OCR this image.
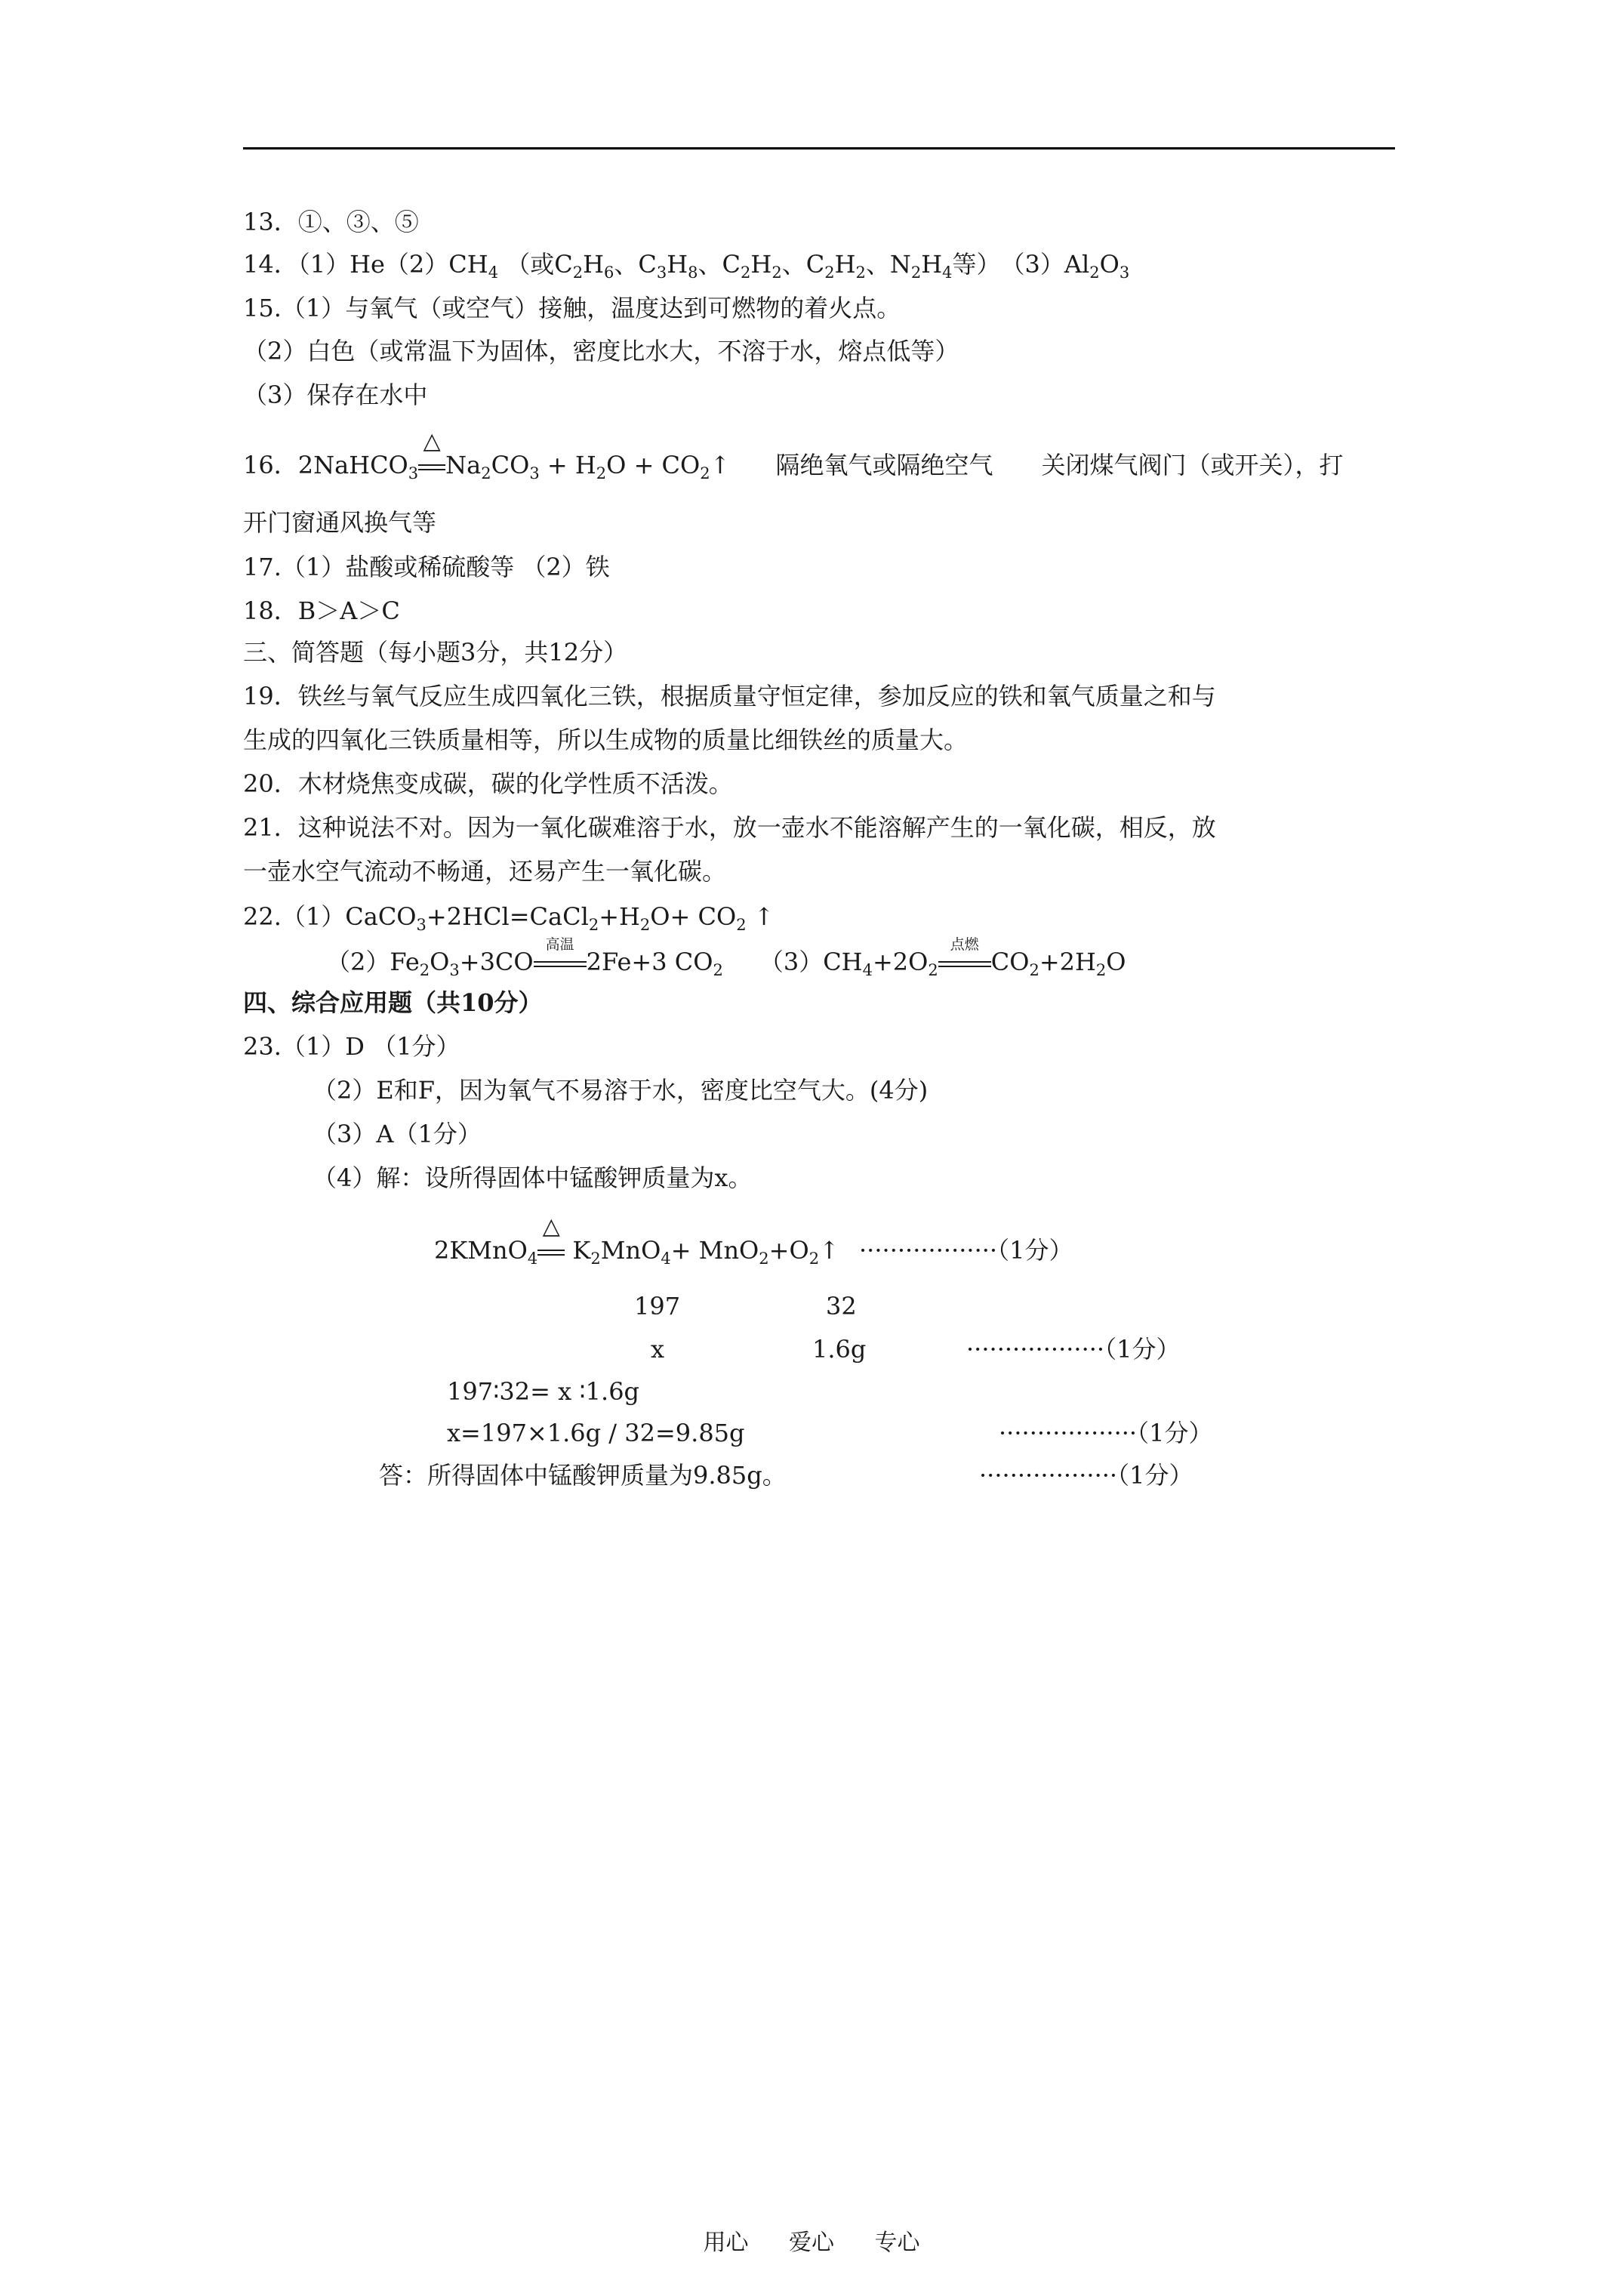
13．①、③、⑤
14．$(1)He(2)CH_4$ （或$C_2H_6$、$C_3H_8$、$C_2H_2$、$C_2H_2$、$N_2H_4$等）　$(3)Al_2O_3$
15.（1）与氧气（或空气）接触，温度达到可燃物的着火点。
（2）白色（或常温下为固体，密度比水大，不溶于水，熔点低等）
（3）保存在水中
16．2NaHCO$_3$
△
$Na_2CO_3 + H_2O$ + $CO_2↑$ 隔绝氧气或隔绝空气　　关闭煤气阀门（或开关），打
开门窗通风换气等
17.（1）盐酸或稀硫酸等 （2）铁
18．B＞A＞C
三、简答题（每小题3分，共12分）
19．铁丝与氧气反应生成四氧化三铁，根据质量守恒定律，参加反应的铁和氧气质量之和与
生成的四氧化三铁质量相等，所以生成物的质量比细铁丝的质量大。
20．木材烧焦变成碳，碳的化学性质不活泼。
21．这种说法不对。因为一氧化碳难溶于水，放一壶水不能溶解产生的一氧化碳，相反，放
一壶水空气流动不畅通，还易产生一氧化碳。
$22.(1)CaCO_3+2HCl=CaCl_2+H_2O+ CO_2$ ↑
$(2)Fe_2O_3+3CO$
高温
2Fe+3 $CO_2$ $(3)CH_4+2O_2$
点燃
$CO_2+2H_2O$
四、综合应用题（共10分）
23.（1）D （1分）
（2）E和F，因为氧气不易溶于水，密度比空气大。(4分)
（3）A（1分）
（4）解：设所得固体中锰酸钾质量为x。
2KMnO$_4$
△
$K_2MnO_4+$ $MnO_2+O_2↑ \cdot\cdot\cdot\cdot\cdot\cdot\cdot\cdot\cdot\cdot\cdot\cdot\cdot\cdot\cdot\cdot\cdot\cdot(1$分）
197	32
x	1.6g	··················（1分）
197∶32= x ∶1.6g
x=197×1.6g / 32=9.85g	··················（1分）
答：所得固体中锰酸钾质量为9.85g。	··················（1分）
用心 爱心 专心
